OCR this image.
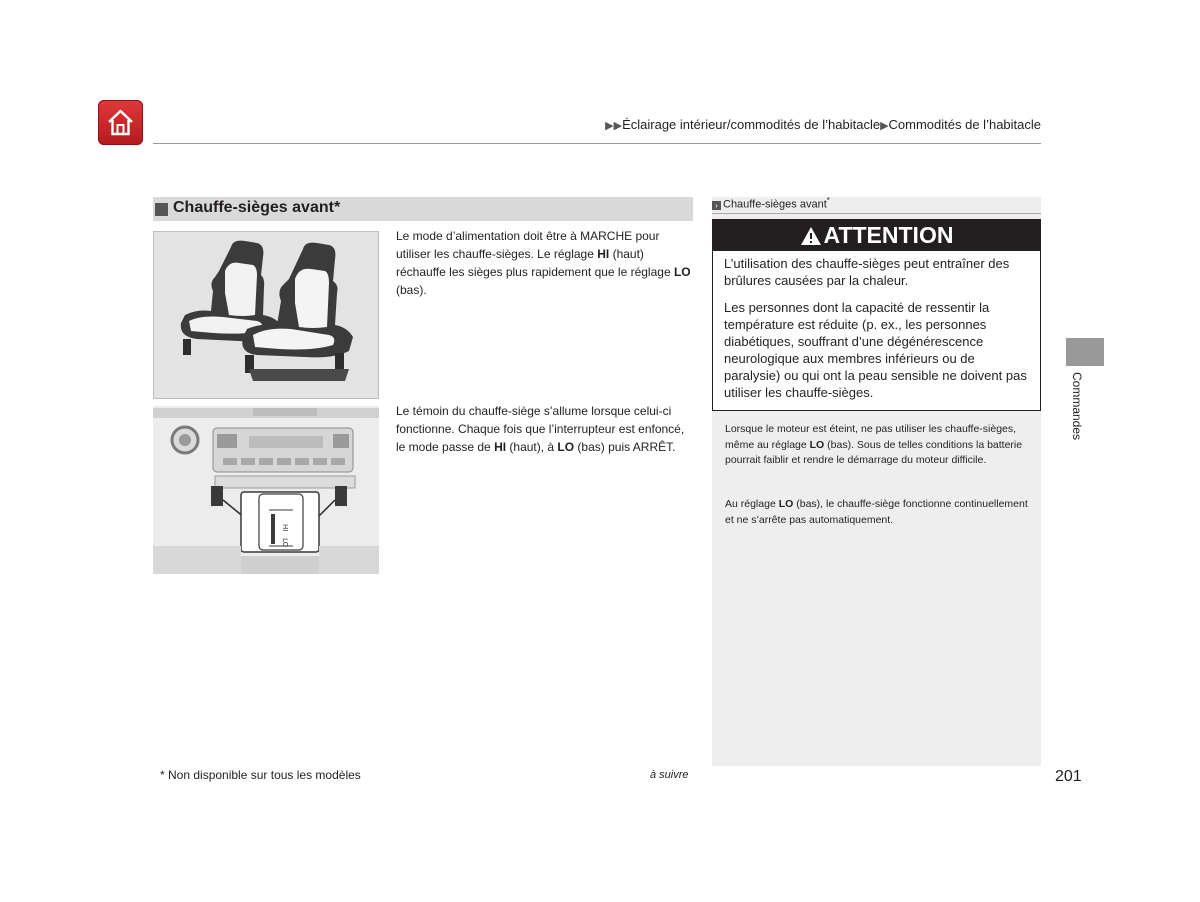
▶▶Éclairage intérieur/commodités de l’habitacle▶Commodités de l’habitacle
Chauffe-sièges avant*
HI
LO
Le mode d’alimentation doit être à MARCHE pour utiliser les chauffe-sièges. Le réglage HI (haut) réchauffe les sièges plus rapidement que le réglage LO (bas).
Le témoin du chauffe-siège s’allume lorsque celui-ci fonctionne. Chaque fois que l’interrupteur est enfoncé, le mode passe de HI (haut), à LO (bas) puis ARRÊT.
› Chauffe-sièges avant*
ATTENTION
L’utilisation des chauffe-sièges peut entraîner des brûlures causées par la chaleur.
Les personnes dont la capacité de ressentir la température est réduite (p. ex., les personnes diabétiques, souffrant d’une dégénérescence neurologique aux membres inférieurs ou de paralysie) ou qui ont la peau sensible ne doivent pas utiliser les chauffe-sièges.
Lorsque le moteur est éteint, ne pas utiliser les chauffe-sièges, même au réglage LO (bas). Sous de telles conditions la batterie pourrait faiblir et rendre le démarrage du moteur difficile.
Au réglage LO (bas), le chauffe-siège fonctionne continuellement et ne s’arrête pas automatiquement.
Commandes
* Non disponible sur tous les modèles	à suivre	201
